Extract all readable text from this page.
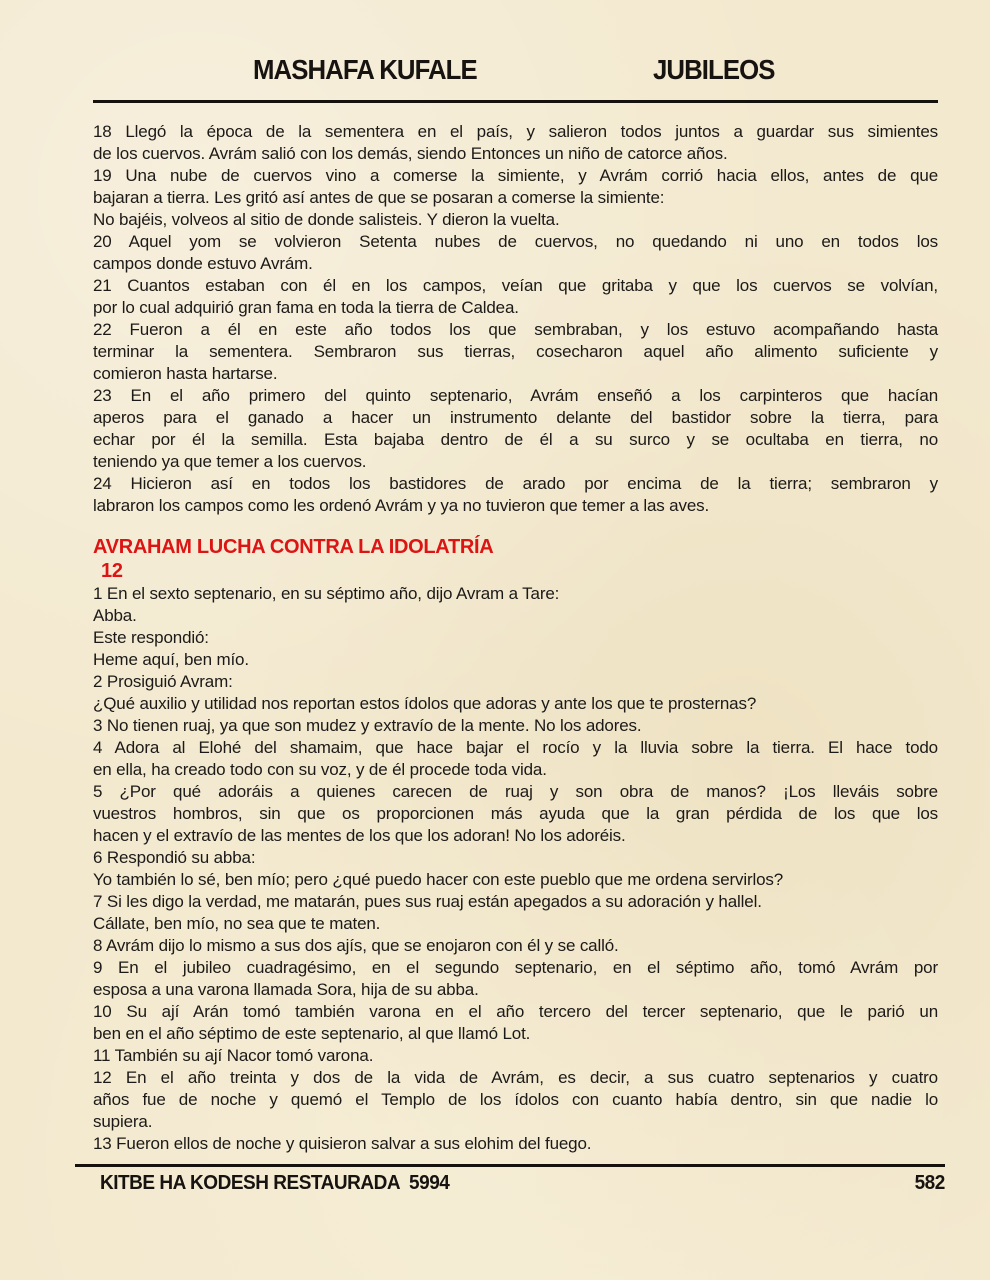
MASHAFA KUFALE	JUBILEOS
18 Llegó la época de la sementera en el país, y salieron todos juntos a guardar sus simientes
de los cuervos. Avrám salió con los demás, siendo Entonces un niño de catorce años.
19 Una nube de cuervos vino a comerse la simiente, y Avrám corrió hacia ellos, antes de que
bajaran a tierra. Les gritó así antes de que se posaran a comerse la simiente:
No bajéis, volveos al sitio de donde salisteis. Y dieron la vuelta.
20 Aquel yom se volvieron Setenta nubes de cuervos, no quedando ni uno en todos los
campos donde estuvo Avrám.
21 Cuantos estaban con él en los campos, veían que gritaba y que los cuervos se volvían,
por lo cual adquirió gran fama en toda la tierra de Caldea.
22 Fueron a él en este año todos los que sembraban, y los estuvo acompañando hasta
terminar la sementera. Sembraron sus tierras, cosecharon aquel año alimento suficiente y
comieron hasta hartarse.
23 En el año primero del quinto septenario, Avrám enseñó a los carpinteros que hacían
aperos para el ganado a hacer un instrumento delante del bastidor sobre la tierra, para
echar por él la semilla. Esta bajaba dentro de él a su surco y se ocultaba en tierra, no
teniendo ya que temer a los cuervos.
24 Hicieron así en todos los bastidores de arado por encima de la tierra; sembraron y
labraron los campos como les ordenó Avrám y ya no tuvieron que temer a las aves.
AVRAHAM LUCHA CONTRA LA IDOLATRÍA
12
1 En el sexto septenario, en su séptimo año, dijo Avram a Tare:
Abba.
Este respondió:
Heme aquí, ben mío.
2 Prosiguió Avram:
¿Qué auxilio y utilidad nos reportan estos ídolos que adoras y ante los que te prosternas?
3 No tienen ruaj, ya que son mudez y extravío de la mente. No los adores.
4 Adora al Elohé del shamaim, que hace bajar el rocío y la lluvia sobre la tierra. El hace todo
en ella, ha creado todo con su voz, y de él procede toda vida.
5 ¿Por qué adoráis a quienes carecen de ruaj y son obra de manos? ¡Los lleváis sobre
vuestros hombros, sin que os proporcionen más ayuda que la gran pérdida de los que los
hacen y el extravío de las mentes de los que los adoran! No los adoréis.
6 Respondió su abba:
Yo también lo sé, ben mío; pero ¿qué puedo hacer con este pueblo que me ordena servirlos?
7 Si les digo la verdad, me matarán, pues sus ruaj están apegados a su adoración y hallel.
Cállate, ben mío, no sea que te maten.
8 Avrám dijo lo mismo a sus dos ajís, que se enojaron con él y se calló.
9 En el jubileo cuadragésimo, en el segundo septenario, en el séptimo año, tomó Avrám por
esposa a una varona llamada Sora, hija de su abba.
10 Su ají Arán tomó también varona en el año tercero del tercer septenario, que le parió un
ben en el año séptimo de este septenario, al que llamó Lot.
11 También su ají Nacor tomó varona.
12 En el año treinta y dos de la vida de Avrám, es decir, a sus cuatro septenarios y cuatro
años fue de noche y quemó el Templo de los ídolos con cuanto había dentro, sin que nadie lo
supiera.
13 Fueron ellos de noche y quisieron salvar a sus elohim del fuego.
KITBE HA KODESH RESTAURADA  5994	582
